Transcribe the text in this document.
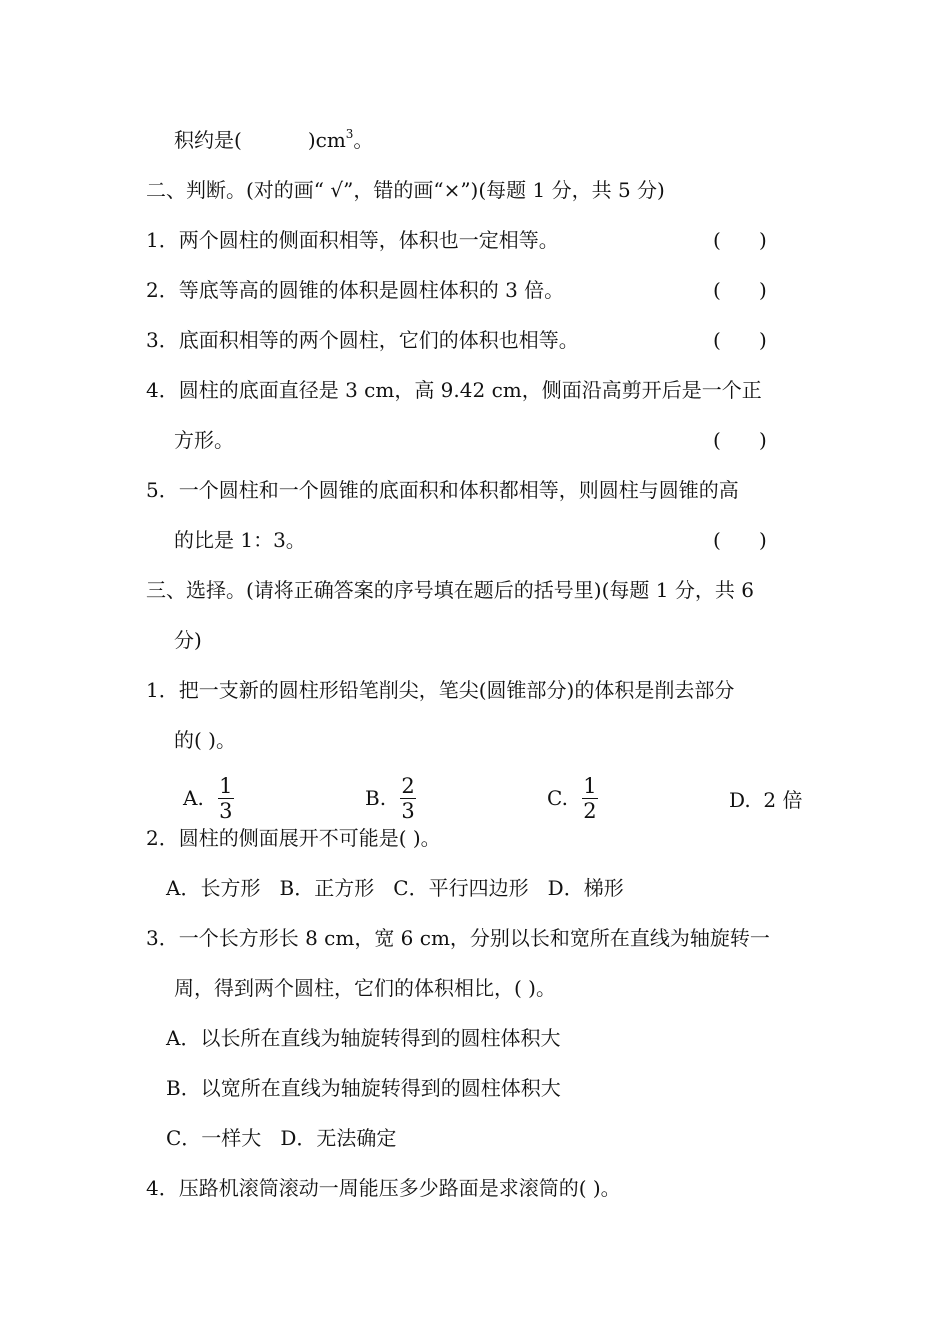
积约是(	)$cm^3$。
二、判断。(对的画“ √”，错的画“×”)(每题 1 分，共 5 分)
1．两个圆柱的侧面积相等，体积也一定相等。	(      )
2．等底等高的圆锥的体积是圆柱体积的 3 倍。	(      )
3．底面积相等的两个圆柱，它们的体积也相等。	(      )
4．圆柱的底面直径是 3 cm，高 9.42 cm，侧面沿高剪开后是一个正
方形。	(      )
5．一个圆柱和一个圆锥的底面积和体积都相等，则圆柱与圆锥的高
的比是 1：3。	(      )
三、选择。(请将正确答案的序号填在题后的括号里)(每题 1 分，共 6
分)
1．把一支新的圆柱形铅笔削尖，笔尖(圆锥部分)的体积是削去部分
的( )。
A. $\frac{1}{3}$	B. $\frac{2}{3}$	C. $\frac{1}{2}$	D.  2 倍
2．圆柱的侧面展开不可能是( )。
A．长方形   B．正方形   C．平行四边形   D．梯形
3．一个长方形长 8 cm，宽 6 cm，分别以长和宽所在直线为轴旋转一
周，得到两个圆柱，它们的体积相比，( )。
A．以长所在直线为轴旋转得到的圆柱体积大
B．以宽所在直线为轴旋转得到的圆柱体积大
C．一样大   D．无法确定
4．压路机滚筒滚动一周能压多少路面是求滚筒的( )。
